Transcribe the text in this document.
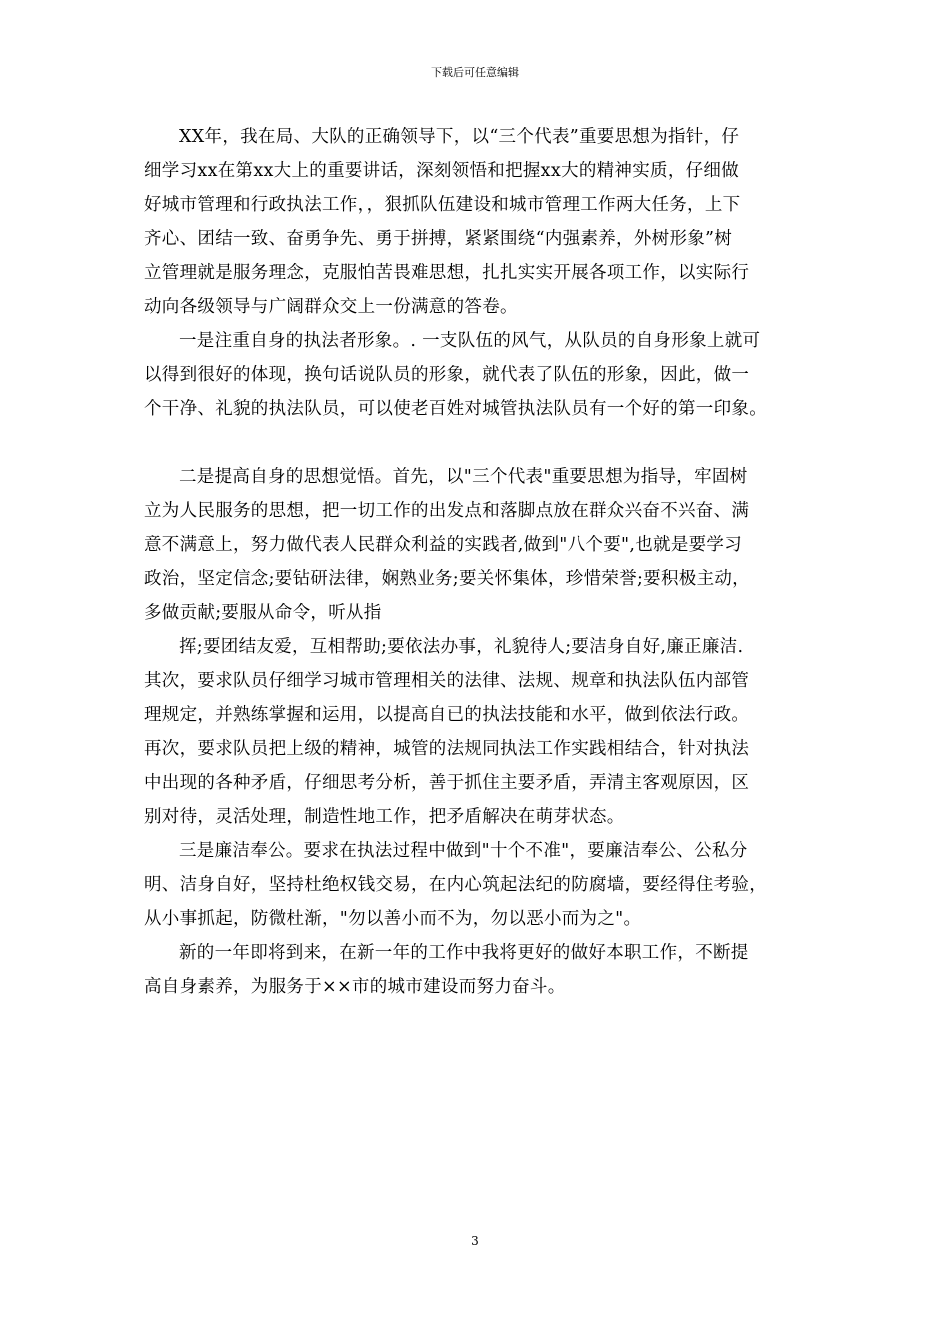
下载后可任意编辑
XX年，我在局、大队的正确领导下，以“三个代表”重要思想为指针，仔
细学习xx在第xx大上的重要讲话，深刻领悟和把握xx大的精神实质，仔细做
好城市管理和行政执法工作，，狠抓队伍建设和城市管理工作两大任务，上下
齐心、团结一致、奋勇争先、勇于拼搏，紧紧围绕“内强素养，外树形象”树
立管理就是服务理念，克服怕苦畏难思想，扎扎实实开展各项工作，以实际行
动向各级领导与广阔群众交上一份满意的答卷。
一是注重自身的执法者形象。. 一支队伍的风气，从队员的自身形象上就可
以得到很好的体现，换句话说队员的形象，就代表了队伍的形象，因此，做一
个干净、礼貌的执法队员，可以使老百姓对城管执法队员有一个好的第一印象。
二是提高自身的思想觉悟。首先，以"三个代表"重要思想为指导，牢固树
立为人民服务的思想，把一切工作的出发点和落脚点放在群众兴奋不兴奋、满
意不满意上，努力做代表人民群众利益的实践者,做到"八个要",也就是要学习
政治，坚定信念;要钻研法律，娴熟业务;要关怀集体，珍惜荣誉;要积极主动，
多做贡献;要服从命令，听从指
挥;要团结友爱，互相帮助;要依法办事，礼貌待人;要洁身自好,廉正廉洁.
其次，要求队员仔细学习城市管理相关的法律、法规、规章和执法队伍内部管
理规定，并熟练掌握和运用，以提高自已的执法技能和水平，做到依法行政。
再次，要求队员把上级的精神，城管的法规同执法工作实践相结合，针对执法
中出现的各种矛盾，仔细思考分析，善于抓住主要矛盾，弄清主客观原因，区
别对待，灵活处理，制造性地工作，把矛盾解决在萌芽状态。
三是廉洁奉公。要求在执法过程中做到"十个不准"，要廉洁奉公、公私分
明、洁身自好，坚持杜绝权钱交易，在内心筑起法纪的防腐墙，要经得住考验，
从小事抓起，防微杜渐，"勿以善小而不为，勿以恶小而为之"。
新的一年即将到来，在新一年的工作中我将更好的做好本职工作，不断提
高自身素养，为服务于××市的城市建设而努力奋斗。
3
